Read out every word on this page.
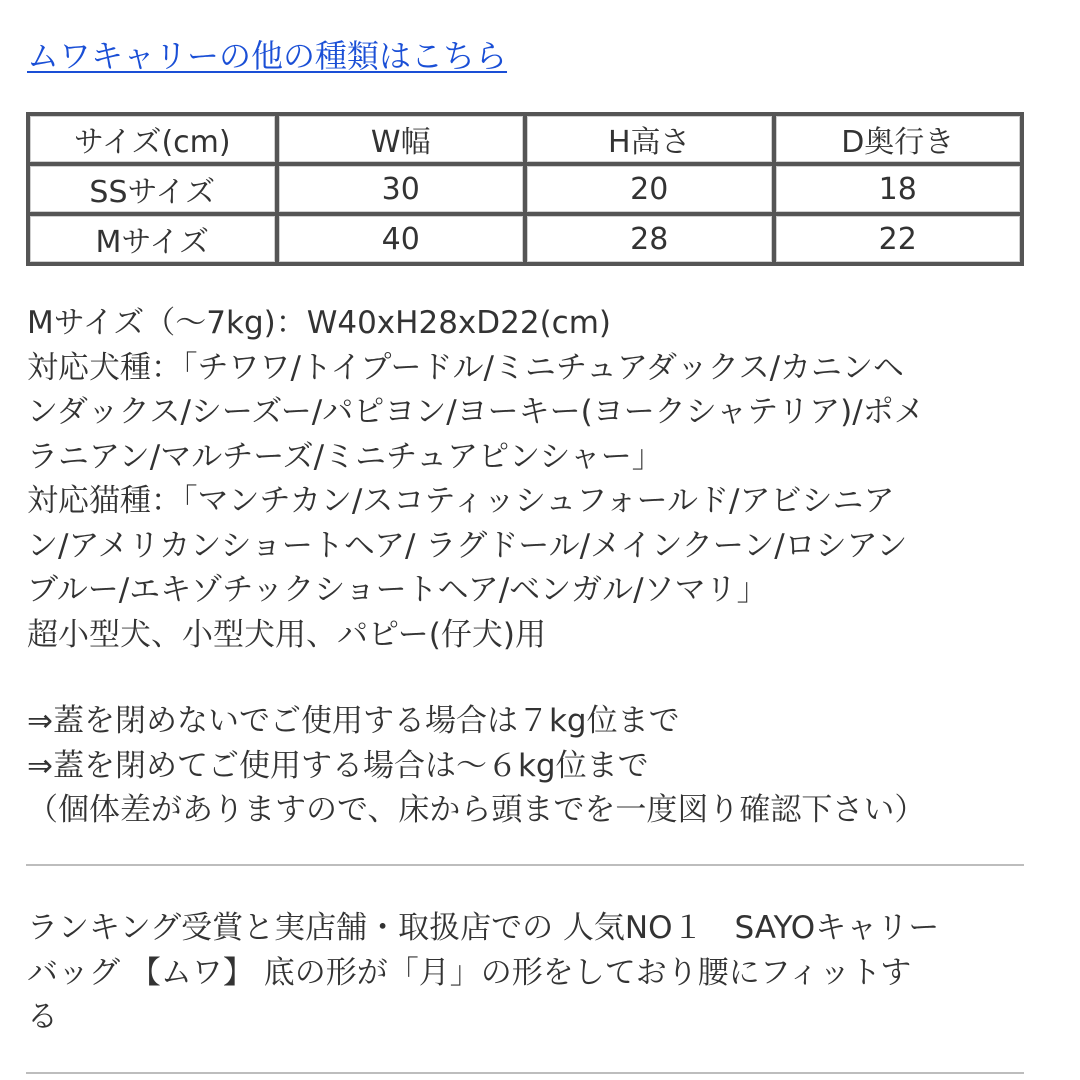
ムワキャリーの他の種類はこちら
サイズ(cm)	W幅	H高さ	D奥行き
SSサイズ	30	20	18
Mサイズ	40	28	22
Mサイズ（〜7kg)：W40xH28xD22(cm)
対応犬種：「チワワ/トイプードル/ミニチュアダックス/カニンヘ
ンダックス/シーズー/パピヨン/ヨーキー(ヨークシャテリア)/ポメ
ラニアン/マルチーズ/ミニチュアピンシャー」
対応猫種：「マンチカン/スコティッシュフォールド/アビシニア
ン/アメリカンショートヘア/ ラグドール/メインクーン/ロシアン
ブルー/エキゾチックショートヘア/ベンガル/ソマリ」
超小型犬、小型犬用、パピー(仔犬)用
⇒蓋を閉めないでご使用する場合は７kg位まで
⇒蓋を閉めてご使用する場合は〜６kg位まで
（個体差がありますので、床から頭までを一度図り確認下さい）
ランキング受賞と実店舗・取扱店での 人気NO１　SAYOキャリー
バッグ 【ムワ】 底の形が「月」の形をしており腰にフィットす
る
